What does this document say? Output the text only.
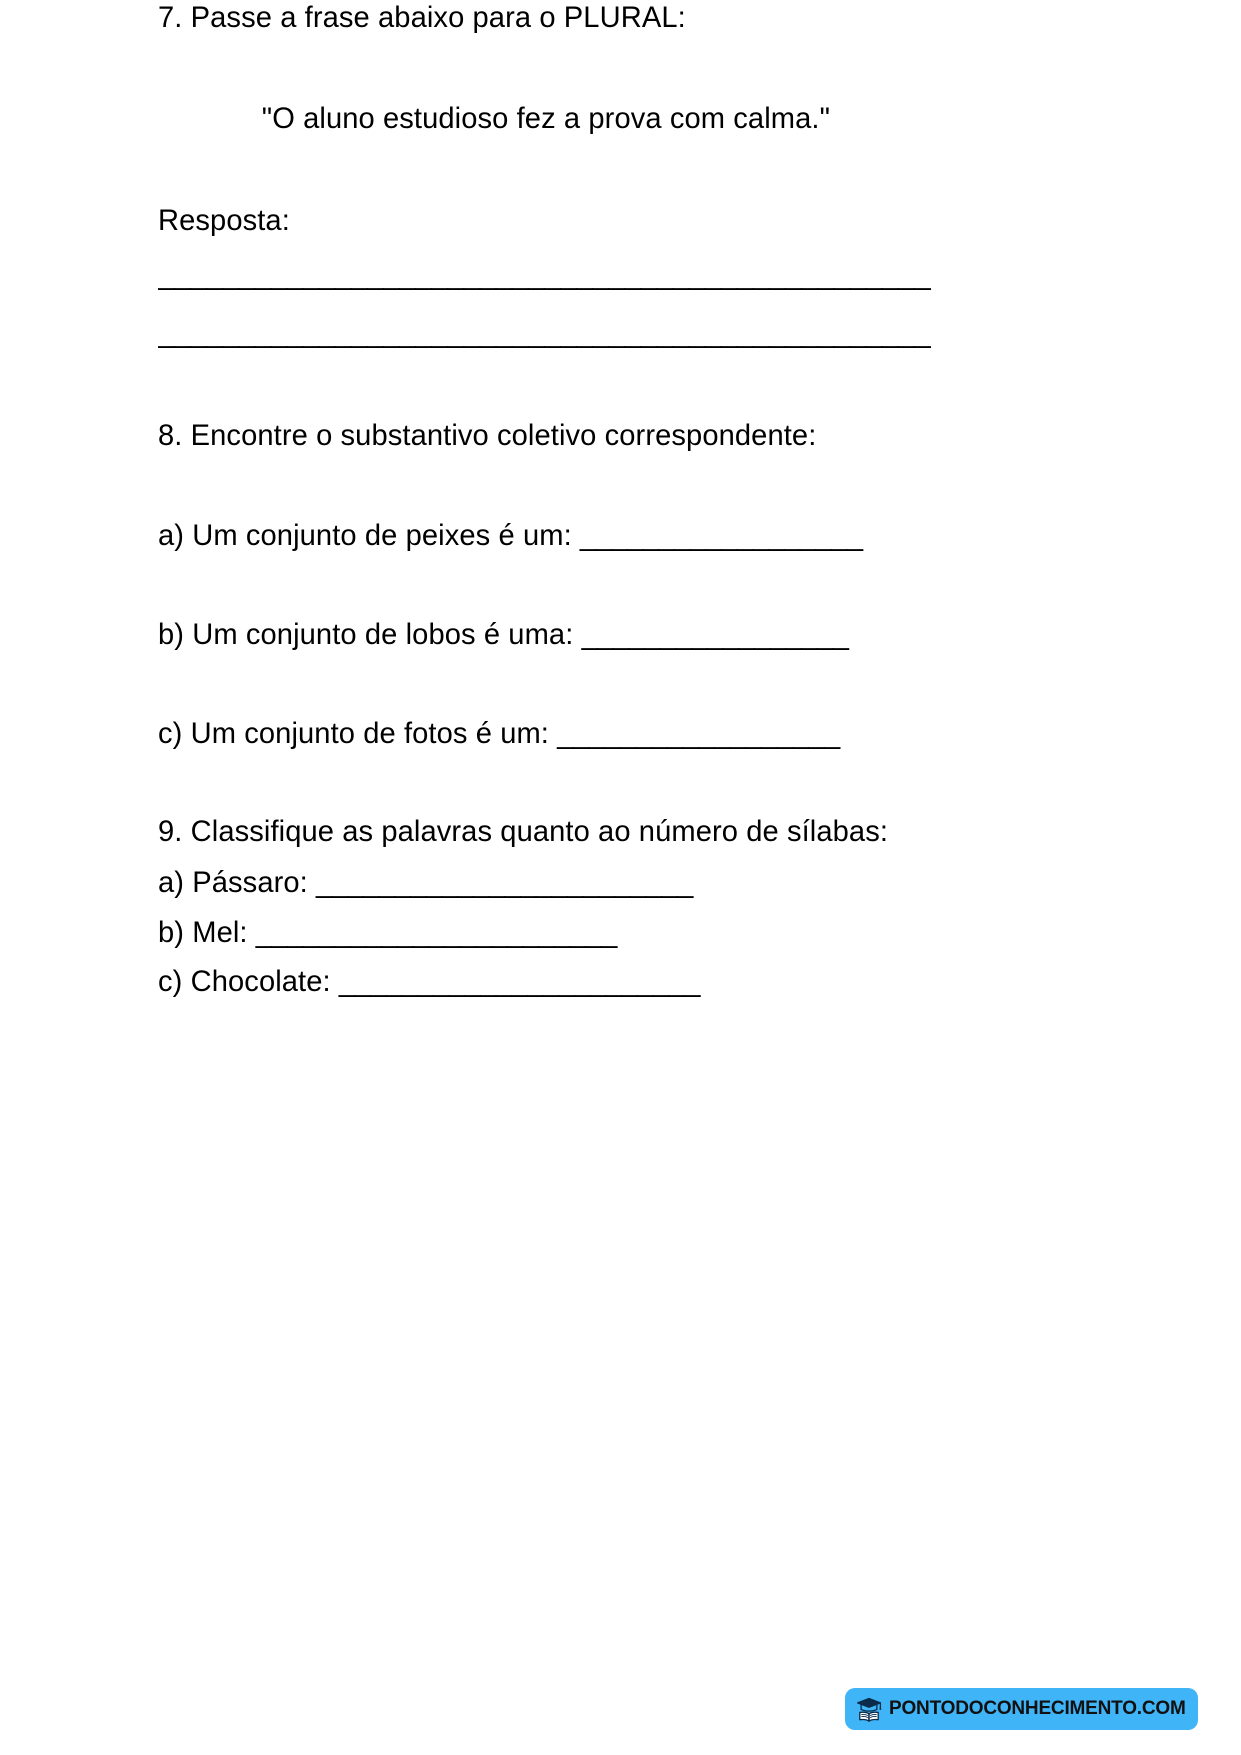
7. Passe a frase abaixo para o PLURAL:
"O aluno estudioso fez a prova com calma."
Resposta:
________________________________________________
________________________________________________
8. Encontre o substantivo coletivo correspondente:
a) Um conjunto de peixes é um: __________________
b) Um conjunto de lobos é uma: _________________
c) Um conjunto de fotos é um: __________________
9. Classifique as palavras quanto ao número de sílabas:
a) Pássaro: ________________________
b) Mel: _______________________
c) Chocolate: _______________________
PONTODOCONHECIMENTO.COM
